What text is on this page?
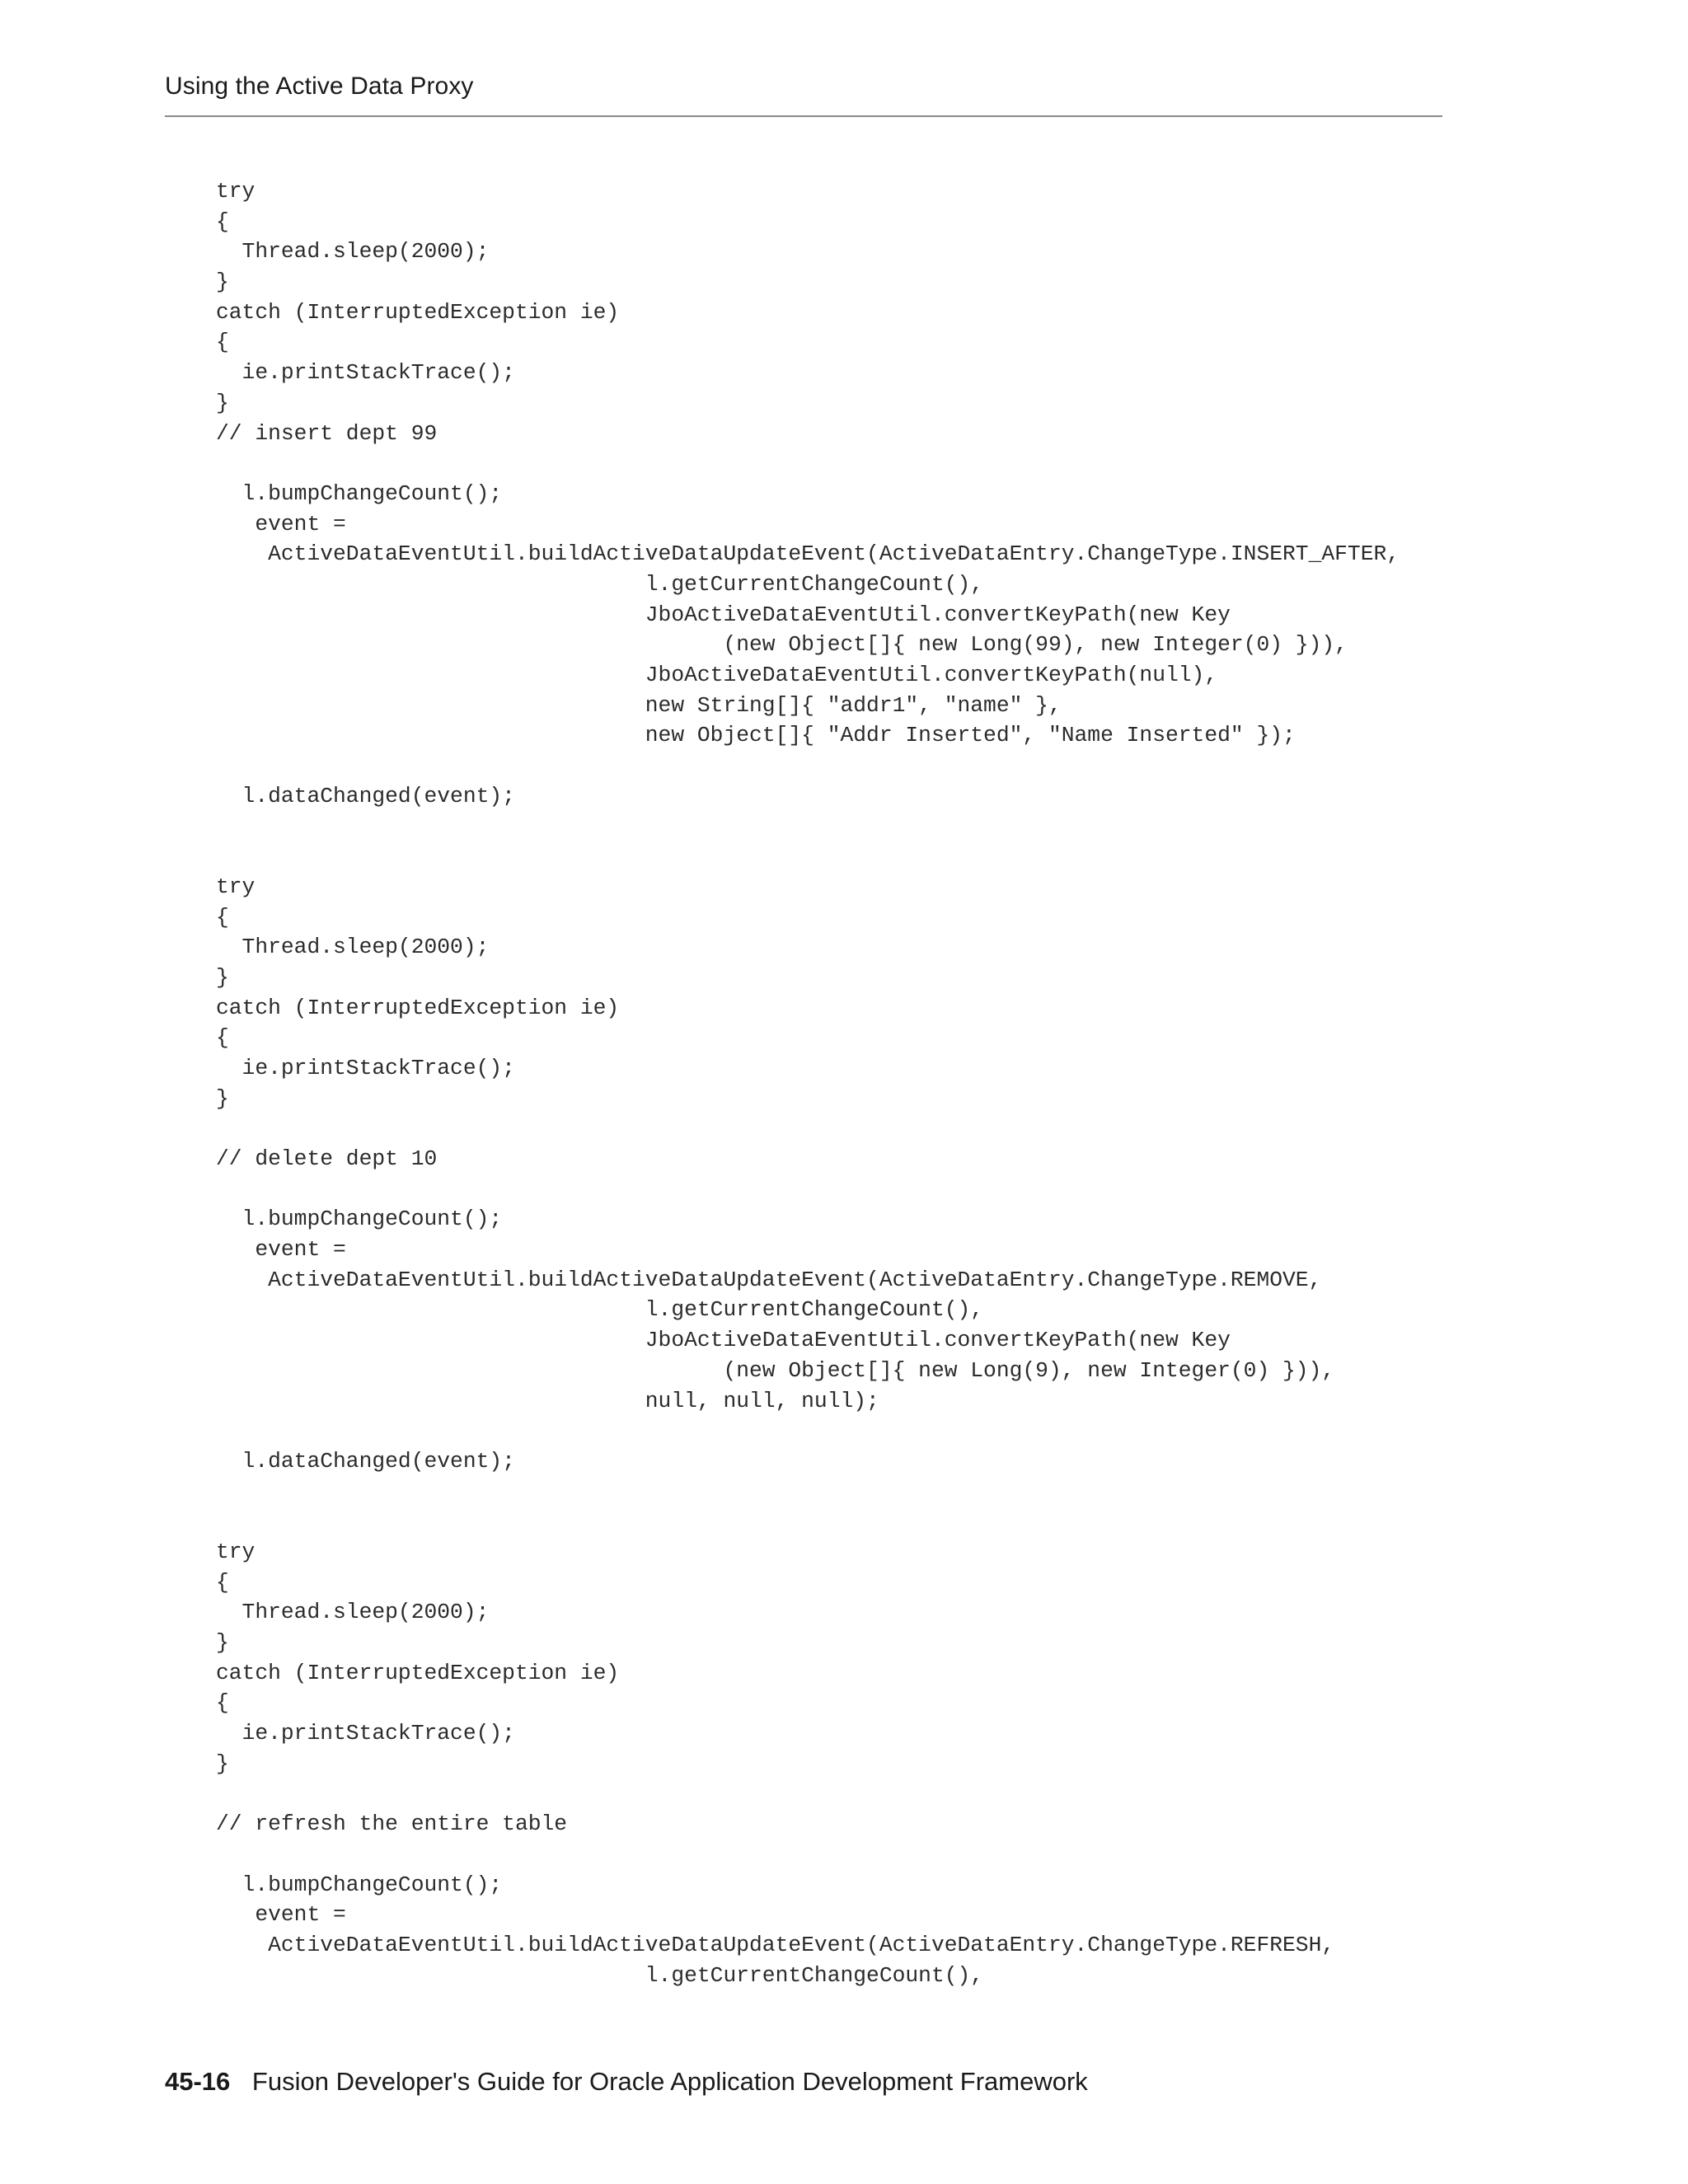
Using the Active Data Proxy
try
{
Thread.sleep(2000);
}
catch (InterruptedException ie)
{
ie.printStackTrace();
}
// insert dept 99
l.bumpChangeCount();
event =
ActiveDataEventUtil.buildActiveDataUpdateEvent(ActiveDataEntry.ChangeType.INSERT_AFTER,
l.getCurrentChangeCount(),
JboActiveDataEventUtil.convertKeyPath(new Key
(new Object[]{ new Long(99), new Integer(0) })),
JboActiveDataEventUtil.convertKeyPath(null),
new String[]{ "addr1", "name" },
new Object[]{ "Addr Inserted", "Name Inserted" });
l.dataChanged(event);
try
{
Thread.sleep(2000);
}
catch (InterruptedException ie)
{
ie.printStackTrace();
}
// delete dept 10
l.bumpChangeCount();
event =
ActiveDataEventUtil.buildActiveDataUpdateEvent(ActiveDataEntry.ChangeType.REMOVE,
l.getCurrentChangeCount(),
JboActiveDataEventUtil.convertKeyPath(new Key
(new Object[]{ new Long(9), new Integer(0) })),
null, null, null);
l.dataChanged(event);
try
{
Thread.sleep(2000);
}
catch (InterruptedException ie)
{
ie.printStackTrace();
}
// refresh the entire table
l.bumpChangeCount();
event =
ActiveDataEventUtil.buildActiveDataUpdateEvent(ActiveDataEntry.ChangeType.REFRESH,
l.getCurrentChangeCount(),
45-16 Fusion Developer's Guide for Oracle Application Development Framework
